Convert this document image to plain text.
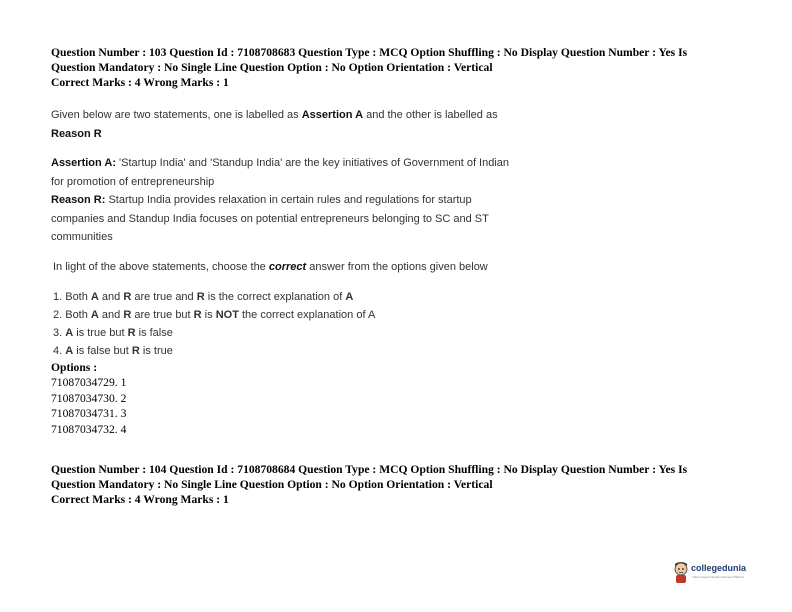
Question Number : 103 Question Id : 7108708683 Question Type : MCQ Option Shuffling : No Display Question Number : Yes Is
Question Mandatory : No Single Line Question Option : No Option Orientation : Vertical
Correct Marks : 4 Wrong Marks : 1
Given below are two statements, one is labelled as Assertion A and the other is labelled as
Reason R
Assertion A: 'Startup India' and 'Standup India' are the key initiatives of Government of Indian
for promotion of entrepreneurship
Reason R: Startup India provides relaxation in certain rules and regulations for startup
companies and Standup India focuses on potential entrepreneurs belonging to SC and ST
communities
In light of the above statements, choose the correct answer from the options given below
1. Both A and R are true and R is the correct explanation of A
2. Both A and R are true but R is NOT the correct explanation of A
3. A is true but R is false
4. A is false but R is true
Options :
71087034729. 1
71087034730. 2
71087034731. 3
71087034732. 4
Question Number : 104 Question Id : 7108708684 Question Type : MCQ Option Shuffling : No Display Question Number : Yes Is
Question Mandatory : No Single Line Question Option : No Option Orientation : Vertical
Correct Marks : 4 Wrong Marks : 1
collegedunia
India's largest Student Review Platform
